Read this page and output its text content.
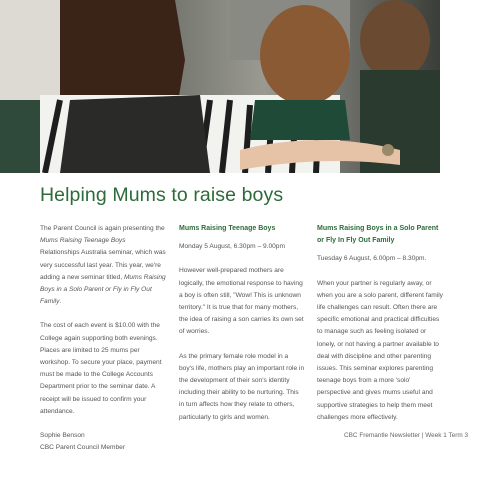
Helping Mums to raise boys

The Parent Council is again presenting the Mums Raising Teenage Boys Relationships Australia seminar, which was very successful last year. This year, we're adding a new seminar titled, Mums Raising Boys in a Solo Parent or Fly in Fly Out Family.

The cost of each event is $10.00 with the College again supporting both evenings. Places are limited to 25 mums per workshop. To secure your place, payment must be made to the College Accounts Department prior to the seminar date. A receipt will be issued to confirm your attendance.

Sophie Benson

CBC Parent Council Member

Mums Raising Teenage Boys

Monday 5 August, 6.30pm – 9.00pm

However well-prepared mothers are logically, the emotional response to having a boy is often still, "Wow! This is unknown territory." It is true that for many mothers, the idea of raising a son carries its own set of worries.

As the primary female role model in a boy's life, mothers play an important role in the development of their son's identity including their ability to be nurturing. This in turn affects how they relate to others, particularly to girls and women.

Mums Raising Boys in a Solo Parent or Fly In Fly Out Family

Tuesday 6 August, 6.00pm – 8.30pm.

When your partner is regularly away, or when you are a solo parent, different family life challenges can result. Often there are specific emotional and practical difficulties to manage such as feeling isolated or lonely, or not having a partner available to deal with discipline and other parenting issues. This seminar explores parenting teenage boys from a more 'solo' perspective and gives mums useful and supportive strategies to help them meet challenges more effectively.

CBC Fremantle Newsletter | Week 1 Term 3
